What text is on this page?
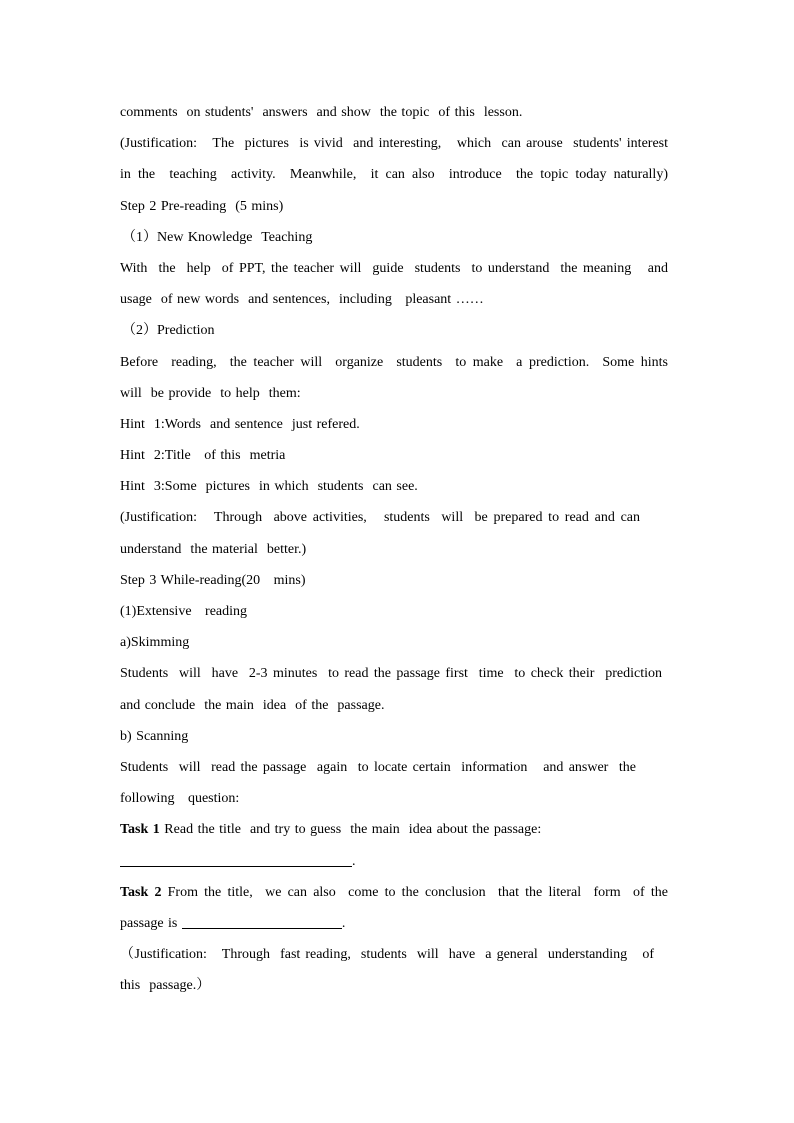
comments  on students'  answers  and show  the topic  of this  lesson.
(Justification:   The  pictures  is vivid  and interesting,   which  can arouse  students' interest
in the  teaching  activity.  Meanwhile,  it can also  introduce  the topic today naturally)
Step 2 Pre-reading  (5 mins)
（1）New Knowledge  Teaching
With  the  help  of PPT, the teacher will  guide  students  to understand  the meaning   and
usage  of new words  and sentences,  including   pleasant ……
（2）Prediction
Before  reading,  the teacher will  organize  students  to make  a prediction.  Some hints
will  be provide  to help  them:
Hint  1:Words  and sentence  just refered.
Hint  2:Title   of this  metria
Hint  3:Some  pictures  in which  students  can see.
(Justification:   Through  above activities,   students  will  be prepared to read and can
understand  the material  better.)
Step 3 While-reading(20   mins)
(1)Extensive   reading
a)Skimming
Students  will  have  2-3 minutes  to read the passage first  time  to check their  prediction
and conclude  the main  idea  of the  passage.
b) Scanning
Students  will  read the passage  again  to locate certain  information   and answer  the
following   question:
Task 1 Read the title  and try to guess  the main  idea about the passage:
.
Task 2 From the title,  we can also  come to the conclusion  that the literal  form  of the
passage is	.
（Justification:   Through  fast reading,  students  will  have  a general  understanding   of
this  passage.）
